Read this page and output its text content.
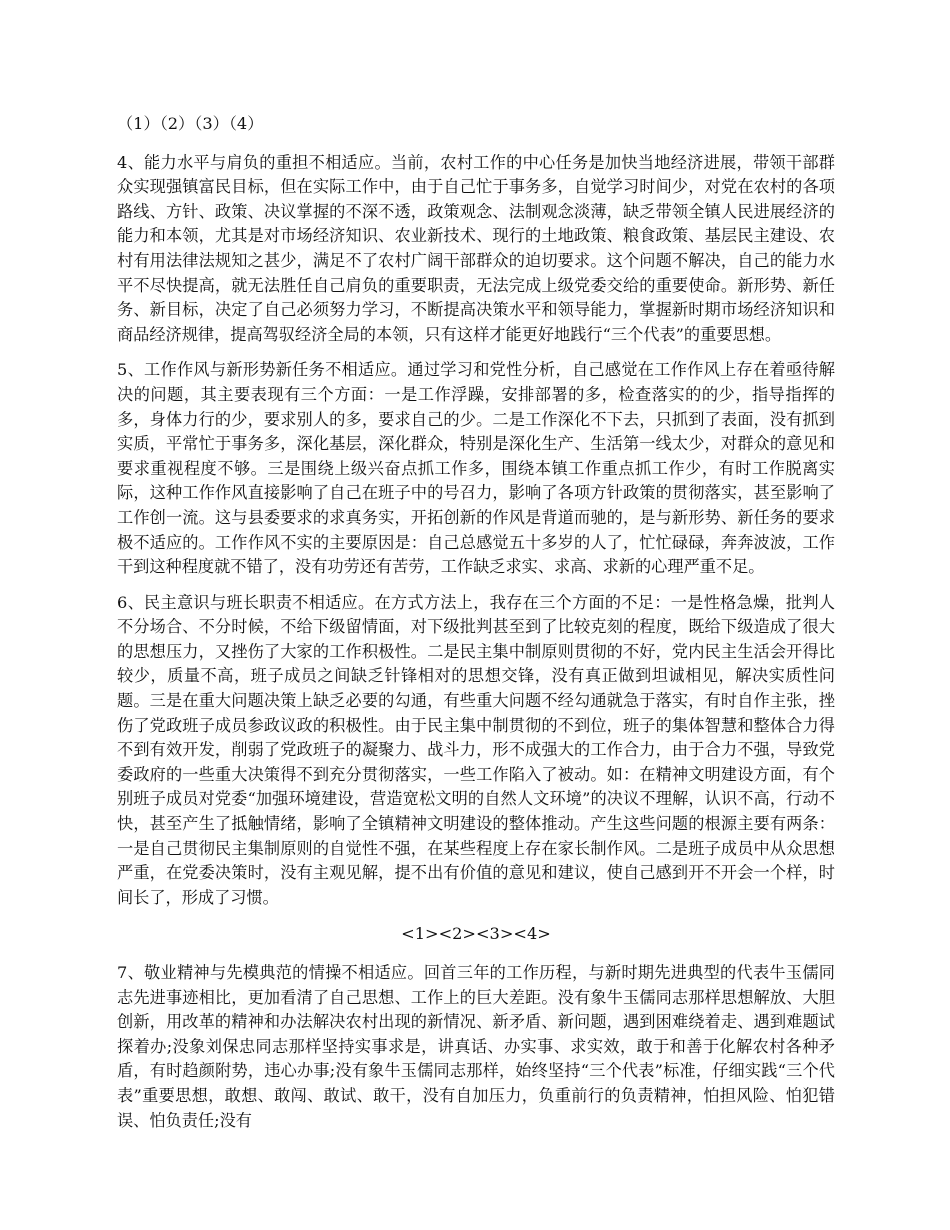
（1）（2）（3）（4）

4、能力水平与肩负的重担不相适应。当前，农村工作的中心任务是加快当地经济进展，带领干部群众实现强镇富民目标，但在实际工作中，由于自己忙于事务多，自觉学习时间少，对党在农村的各项路线、方针、政策、决议掌握的不深不透，政策观念、法制观念淡薄，缺乏带领全镇人民进展经济的能力和本领，尤其是对市场经济知识、农业新技术、现行的土地政策、粮食政策、基层民主建设、农村有用法律法规知之甚少，满足不了农村广阔干部群众的迫切要求。这个问题不解决，自己的能力水平不尽快提高，就无法胜任自己肩负的重要职责，无法完成上级党委交给的重要使命。新形势、新任务、新目标，决定了自己必须努力学习，不断提高决策水平和领导能力，掌握新时期市场经济知识和商品经济规律，提高驾驭经济全局的本领，只有这样才能更好地践行“三个代表”的重要思想。

5、工作作风与新形势新任务不相适应。通过学习和党性分析，自己感觉在工作作风上存在着亟待解决的问题，其主要表现有三个方面：一是工作浮躁，安排部署的多，检查落实的的少，指导指挥的多，身体力行的少，要求别人的多，要求自己的少。二是工作深化不下去，只抓到了表面，没有抓到实质，平常忙于事务多，深化基层，深化群众，特别是深化生产、生活第一线太少，对群众的意见和要求重视程度不够。三是围绕上级兴奋点抓工作多，围绕本镇工作重点抓工作少，有时工作脱离实际，这种工作作风直接影响了自己在班子中的号召力，影响了各项方针政策的贯彻落实，甚至影响了工作创一流。这与县委要求的求真务实，开拓创新的作风是背道而驰的，是与新形势、新任务的要求极不适应的。工作作风不实的主要原因是：自己总感觉五十多岁的人了，忙忙碌碌，奔奔波波，工作干到这种程度就不错了，没有功劳还有苦劳，工作缺乏求实、求高、求新的心理严重不足。

6、民主意识与班长职责不相适应。在方式方法上，我存在三个方面的不足：一是性格急燥，批判人不分场合、不分时候，不给下级留情面，对下级批判甚至到了比较克刻的程度，既给下级造成了很大的思想压力，又挫伤了大家的工作积极性。二是民主集中制原则贯彻的不好，党内民主生活会开得比较少，质量不高，班子成员之间缺乏针锋相对的思想交锋，没有真正做到坦诚相见，解决实质性问题。三是在重大问题决策上缺乏必要的勾通，有些重大问题不经勾通就急于落实，有时自作主张，挫伤了党政班子成员参政议政的积极性。由于民主集中制贯彻的不到位，班子的集体智慧和整体合力得不到有效开发，削弱了党政班子的凝聚力、战斗力，形不成强大的工作合力，由于合力不强，导致党委政府的一些重大决策得不到充分贯彻落实，一些工作陷入了被动。如：在精神文明建设方面，有个别班子成员对党委“加强环境建设，营造宽松文明的自然人文环境”的决议不理解，认识不高，行动不快，甚至产生了抵触情绪，影响了全镇精神文明建设的整体推动。产生这些问题的根源主要有两条：一是自己贯彻民主集制原则的自觉性不强，在某些程度上存在家长制作风。二是班子成员中从众思想严重，在党委决策时，没有主观见解，提不出有价值的意见和建议，使自己感到开不开会一个样，时间长了，形成了习惯。

<1><2><3><4>

7、敬业精神与先模典范的情操不相适应。回首三年的工作历程，与新时期先进典型的代表牛玉儒同志先进事迹相比，更加看清了自己思想、工作上的巨大差距。没有象牛玉儒同志那样思想解放、大胆创新，用改革的精神和办法解决农村出现的新情况、新矛盾、新问题，遇到困难绕着走、遇到难题试探着办;没象刘保忠同志那样坚持实事求是，讲真话、办实事、求实效，敢于和善于化解农村各种矛盾，有时趋颜附势，违心办事;没有象牛玉儒同志那样，始终坚持“三个代表”标准，仔细实践“三个代表”重要思想，敢想、敢闯、敢试、敢干，没有自加压力，负重前行的负责精神，怕担风险、怕犯错误、怕负责任;没有
